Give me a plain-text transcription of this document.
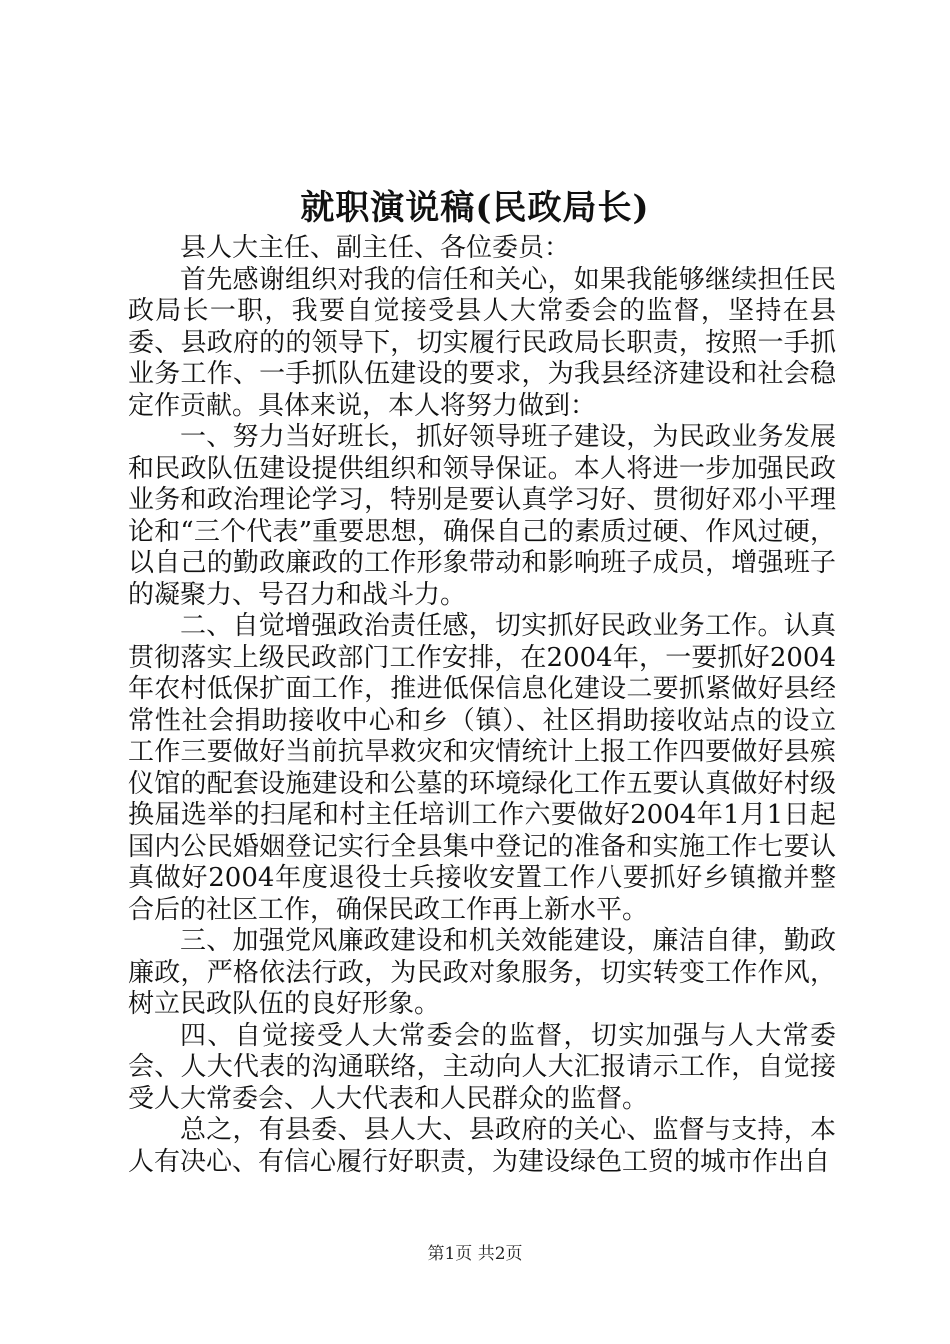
就职演说稿(民政局长)

县人大主任、副主任、各位委员：

首先感谢组织对我的信任和关心，如果我能够继续担任民政局长一职，我要自觉接受县人大常委会的监督，坚持在县委、县政府的的领导下，切实履行民政局长职责，按照一手抓业务工作、一手抓队伍建设的要求，为我县经济建设和社会稳定作贡献。具体来说，本人将努力做到：

一、努力当好班长，抓好领导班子建设，为民政业务发展和民政队伍建设提供组织和领导保证。本人将进一步加强民政业务和政治理论学习，特别是要认真学习好、贯彻好邓小平理论和“三个代表”重要思想，确保自己的素质过硬、作风过硬，以自己的勤政廉政的工作形象带动和影响班子成员，增强班子的凝聚力、号召力和战斗力。

二、自觉增强政治责任感，切实抓好民政业务工作。认真贯彻落实上级民政部门工作安排，在2004年，一要抓好2004年农村低保扩面工作，推进低保信息化建设二要抓紧做好县经常性社会捐助接收中心和乡（镇）、社区捐助接收站点的设立工作三要做好当前抗旱救灾和灾情统计上报工作四要做好县殡仪馆的配套设施建设和公墓的环境绿化工作五要认真做好村级换届选举的扫尾和村主任培训工作六要做好2004年1月1日起国内公民婚姻登记实行全县集中登记的准备和实施工作七要认真做好2004年度退役士兵接收安置工作八要抓好乡镇撤并整合后的社区工作，确保民政工作再上新水平。

三、加强党风廉政建设和机关效能建设，廉洁自律，勤政廉政，严格依法行政，为民政对象服务，切实转变工作作风，树立民政队伍的良好形象。

四、自觉接受人大常委会的监督，切实加强与人大常委会、人大代表的沟通联络，主动向人大汇报请示工作，自觉接受人大常委会、人大代表和人民群众的监督。

总之，有县委、县人大、县政府的关心、监督与支持，本人有决心、有信心履行好职责，为建设绿色工贸的城市作出自

第1页 共2页
